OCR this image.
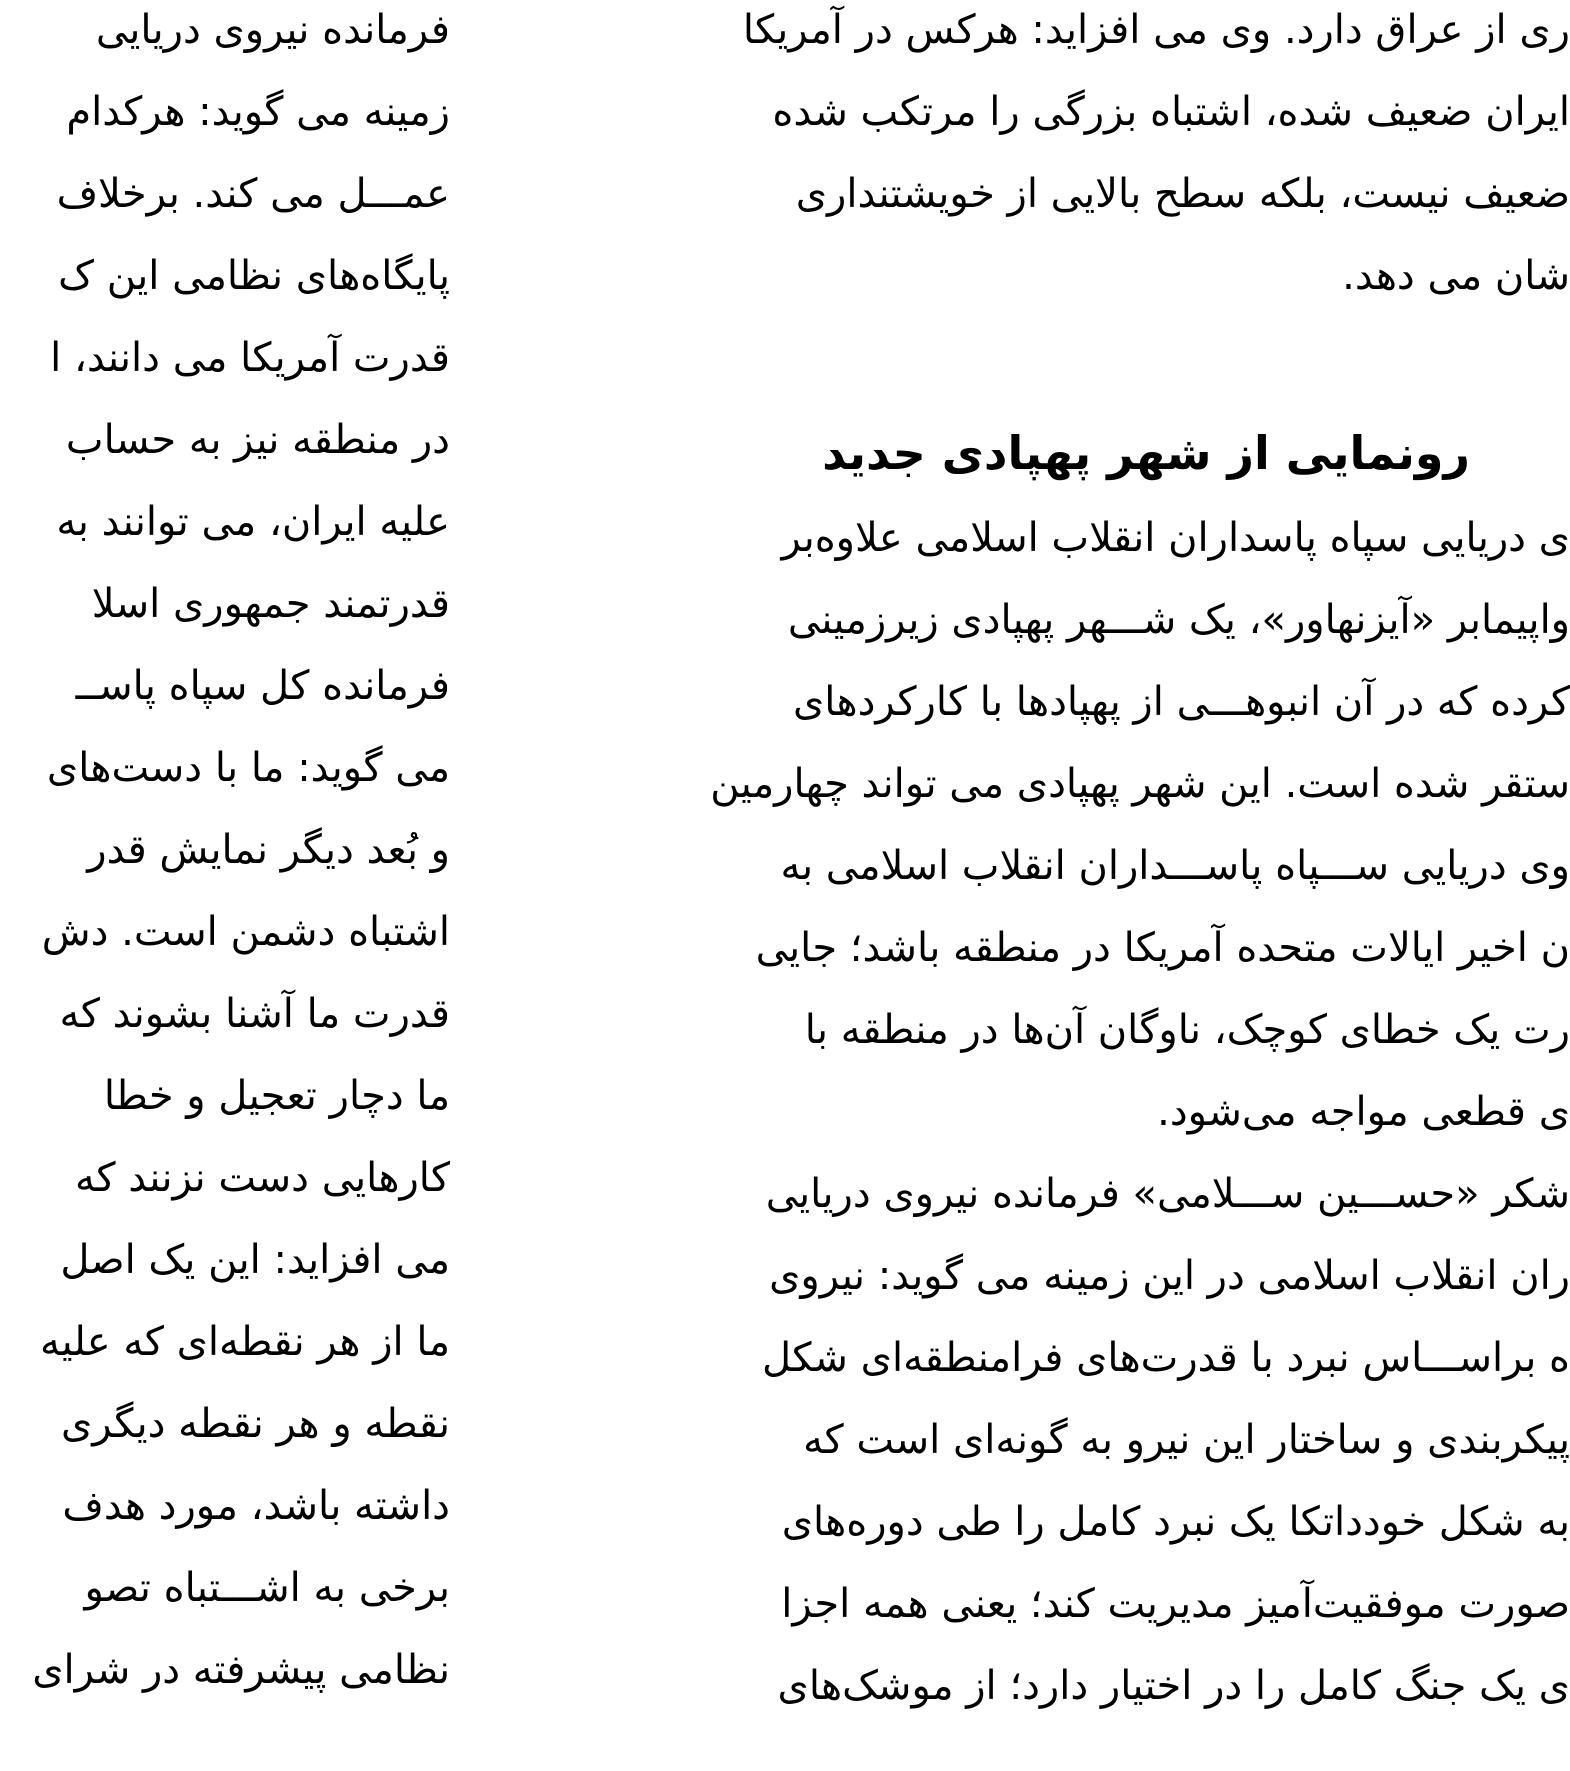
فرمانده نیروی دریایی
زمینه می گوید: هرکدام
عمـــل می کند. برخلاف
پایگاه‌های نظامی این ک
قدرت آمریکا می دانند، ا
در منطقه نیز به حساب
علیه ایران، می توانند به
قدرتمند جمهوری اسلا
فرمانده کل سپاه پاســ
می گوید: ما با دست‌های
و بُعد دیگر نمایش قدر
اشتباه دشمن است. دش
قدرت ما آشنا بشوند که
ما دچار تعجیل و خطا
کارهایی دست نزنند که
می افزاید: این یک اصل
ما از هر نقطه‌ای که علیه
نقطه و هر نقطه دیگری
داشته باشد، مورد هدف
برخی به اشـــتباه تصو
نظامی پیشرفته در شرای
ری از عراق دارد. وی می افزاید: هرکس در آمریکا
ایران ضعیف شده، اشتباه بزرگی را مرتکب شده
ضعیف نیست، بلکه سطح بالایی از خویشتنداری
شان می دهد.
رونمایی از شهر پهپادی جدید
ی دریایی سپاه پاسداران انقلاب اسلامی علاوه‌بر
واپیمابر «آیزنهاور»، یک شـــهر پهپادی زیرزمینی
کرده که در آن انبوهـــی از پهپادها با کارکردهای
ستقر شده است. این شهر پهپادی می تواند چهارمین
وی دریایی ســـپاه پاســـداران انقلاب اسلامی به
ن اخیر ایالات متحده آمریکا در منطقه باشد؛ جایی
رت یک خطای کوچک، ناوگان آن‌ها در منطقه با
ی قطعی مواجه می‌شود.
شکر «حســـین ســـلامی» فرمانده نیروی دریایی
ران انقلاب اسلامی در این زمینه می گوید: نیروی
ه براســـاس نبرد با قدرت‌های فرامنطقه‌ای شکل
پیکربندی و ساختار این نیرو به گونه‌ای است که
به شکل خودداتکا یک نبرد کامل را طی دوره‌های
صورت موفقیت‌آمیز مدیریت کند؛ یعنی همه اجزا
ی یک جنگ کامل را در اختیار دارد؛ از موشک‌های
